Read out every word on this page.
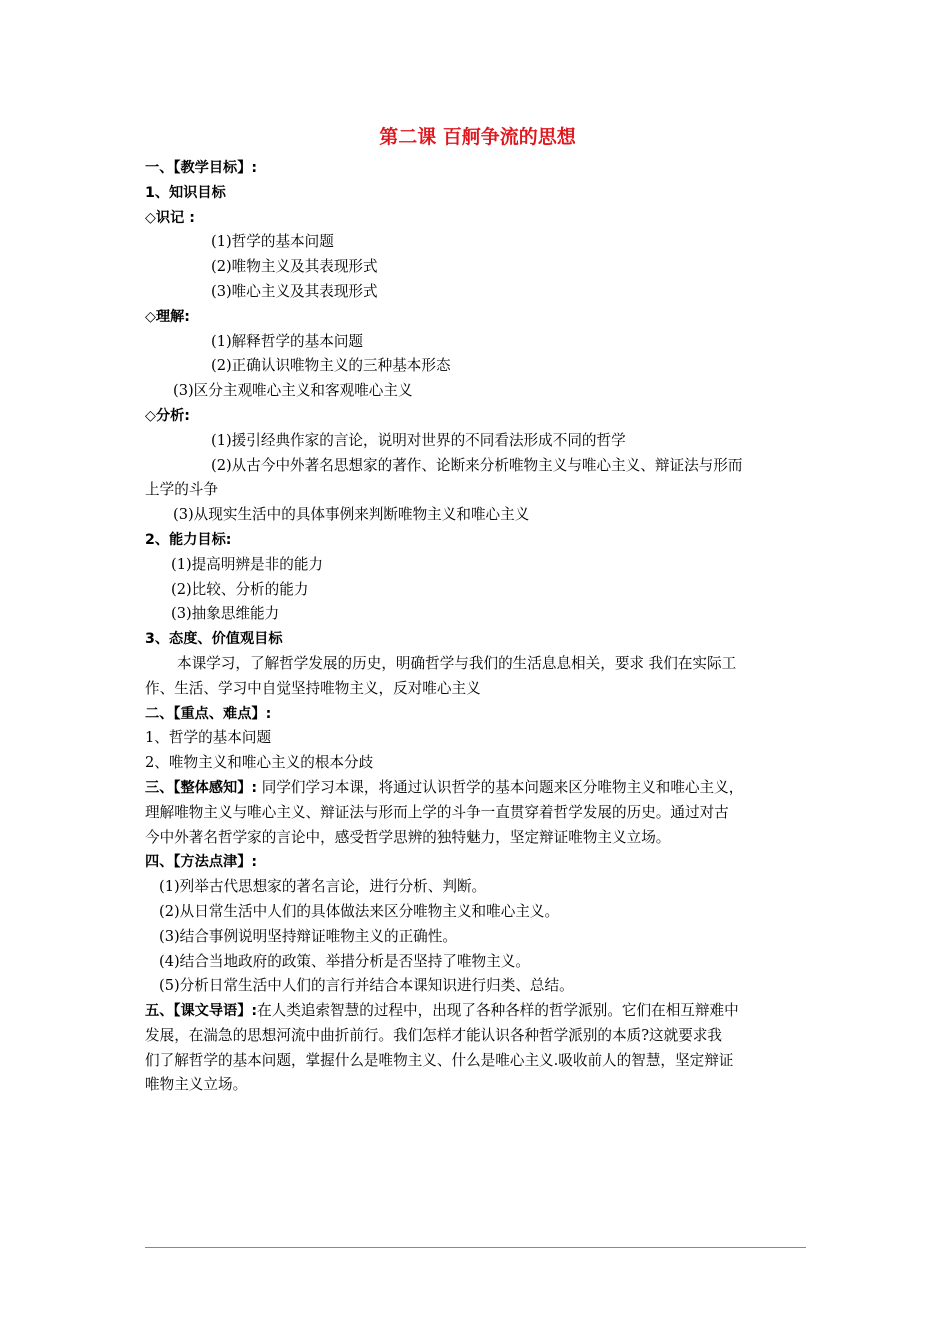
第二课 百舸争流的思想

一、【教学目标】:

1、知识目标

◇识记 :

(1)哲学的基本问题

(2)唯物主义及其表现形式

(3)唯心主义及其表现形式

◇理解:

(1)解释哲学的基本问题

(2)正确认识唯物主义的三种基本形态

(3)区分主观唯心主义和客观唯心主义

◇分析:

(1)援引经典作家的言论，说明对世界的不同看法形成不同的哲学

(2)从古今中外著名思想家的著作、论断来分析唯物主义与唯心主义、辩证法与形而

上学的斗争

(3)从现实生活中的具体事例来判断唯物主义和唯心主义

2、能力目标:

(1)提高明辨是非的能力

(2)比较、分析的能力

(3)抽象思维能力

3、态度、价值观目标

本课学习，了解哲学发展的历史，明确哲学与我们的生活息息相关，要求 我们在实际工

作、生活、学习中自觉坚持唯物主义，反对唯心主义

二、【重点、难点】:

1、哲学的基本问题

2、唯物主义和唯心主义的根本分歧

三、【整体感知】: 同学们学习本课，将通过认识哲学的基本问题来区分唯物主义和唯心主义，

理解唯物主义与唯心主义、辩证法与形而上学的斗争一直贯穿着哲学发展的历史。通过对古

今中外著名哲学家的言论中，感受哲学思辨的独特魅力，坚定辩证唯物主义立场。

四、【方法点津】:

(1)列举古代思想家的著名言论，进行分析、判断。

(2)从日常生活中人们的具体做法来区分唯物主义和唯心主义。

(3)结合事例说明坚持辩证唯物主义的正确性。

(4)结合当地政府的政策、举措分析是否坚持了唯物主义。

(5)分析日常生活中人们的言行并结合本课知识进行归类、总结。

五、【课文导语】:在人类追索智慧的过程中，出现了各种各样的哲学派别。它们在相互辩难中

发展，在湍急的思想河流中曲折前行。我们怎样才能认识各种哲学派别的本质?这就要求我

们了解哲学的基本问题，掌握什么是唯物主义、什么是唯心主义.吸收前人的智慧，坚定辩证

唯物主义立场。
